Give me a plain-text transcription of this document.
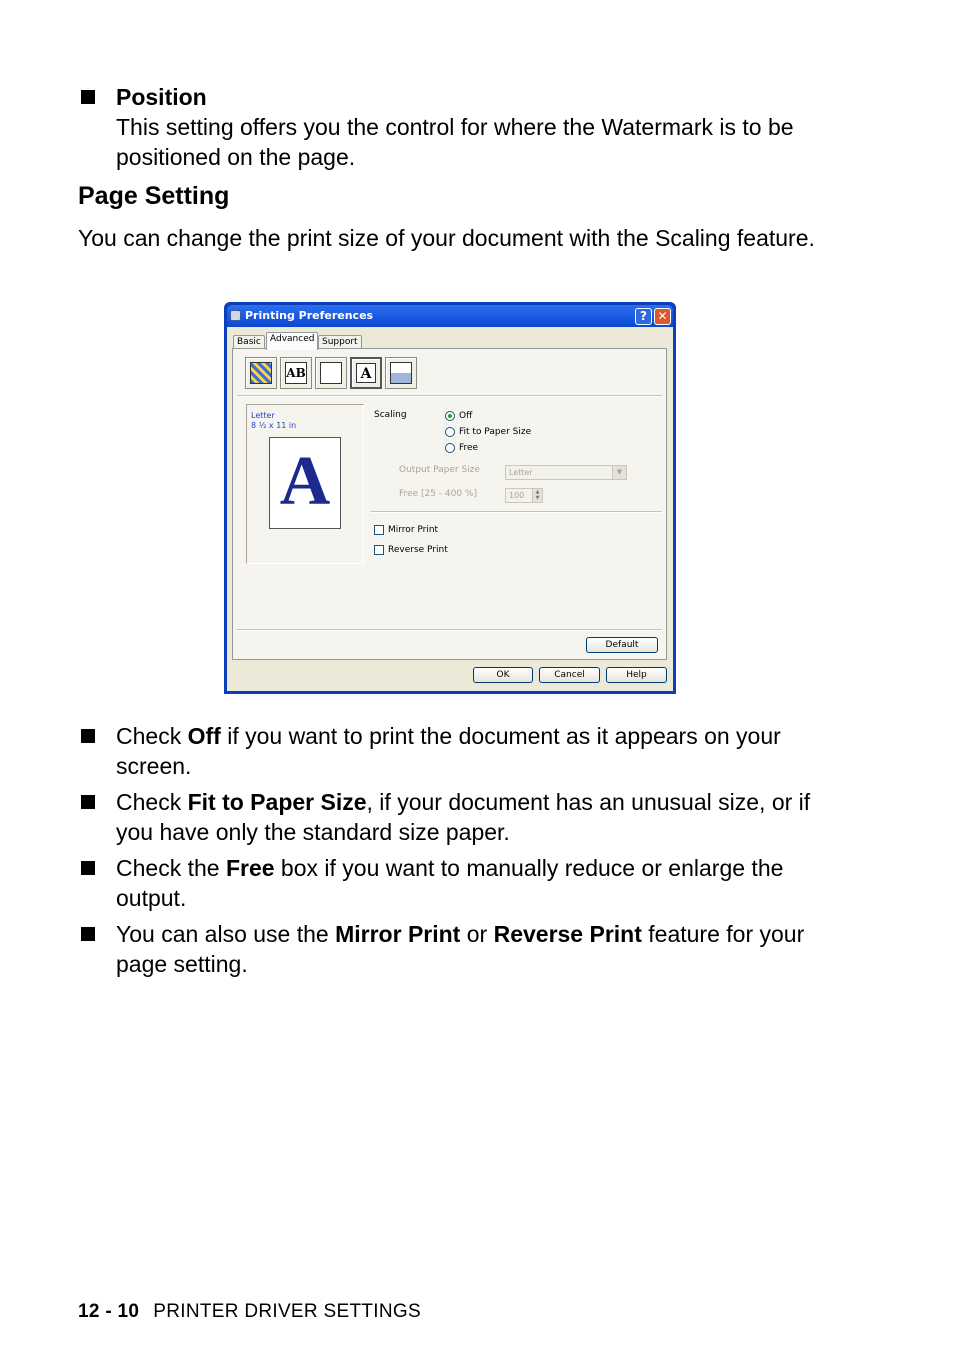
Position
This setting offers you the control for where the Watermark is to be positioned on the page.
Page Setting
You can change the print size of your document with the Scaling feature.
Printing Preferences	? ✕
Basic	Advanced Support
AB	A
Letter
8 ½ x 11 in
A
Scaling	Off
Fit to Paper Size
Free
Output Paper Size	Letter	▼
Free [25 - 400 %]	100	▲
▼
Mirror Print
Reverse Print
Default
OK	Cancel	Help
Check Off if you want to print the document as it appears on your screen.
Check Fit to Paper Size, if your document has an unusual size, or if you have only the standard size paper.
Check the Free box if you want to manually reduce or enlarge the output.
You can also use the Mirror Print or Reverse Print feature for your page setting.
12 - 10 PRINTER DRIVER SETTINGS
